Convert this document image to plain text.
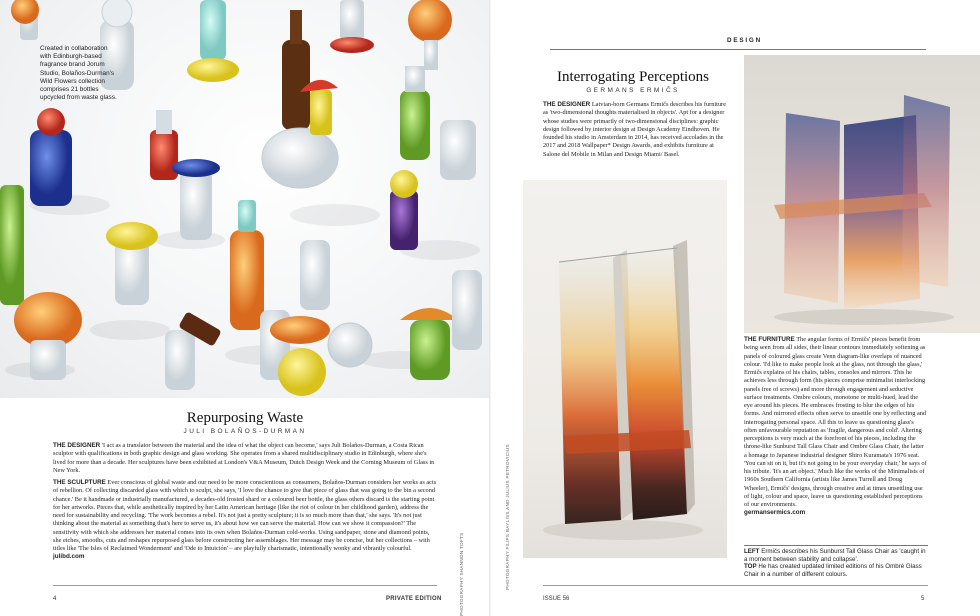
Created in collaboration with Edinburgh-based fragrance brand Jorum Studio, Bolaños-Durman's Wild Flowers collection comprises 21 bottles upcycled from waste glass.
Repurposing Waste
JULI BOLAÑOS-DURMAN

THE DESIGNER 'I act as a translator between the material and the idea of what the object can become,' says Juli Bolaños-Durman, a Costa Rican sculptor with qualifications in both graphic design and glass working. She operates from a shared multidisciplinary studio in Edinburgh, where she's lived for more than a decade. Her sculptures have been exhibited at London's V&A Museum, Dutch Design Week and the Corning Museum of Glass in New York.

THE SCULPTURE Ever conscious of global waste and our need to be more conscientious as consumers, Bolaños-Durman considers her works as acts of rebellion. Of collecting discarded glass with which to sculpt, she says, 'I love the chance to give that piece of glass that was going to the bin a second chance.' Be it handmade or industrially manufactured, a decades-old frosted shard or a coloured beer bottle, the glass others discard is the starting point for her artworks. Pieces that, while aesthetically inspired by her Latin American heritage (like the riot of colour in her childhood garden), address the need for sustainability and recycling. 'The work becomes a rebel. It's not just a pretty sculpture; it is so much more than that,' she says. 'It's not just thinking about the material as something that's here to serve us, it's about how we can serve the material. How can we show it compassion?' The sensitivity with which she addresses her material comes into its own when Bolaños-Durman cold-works. Using sandpaper, stone and diamond points, she etches, smooths, cuts and reshapes repurposed glass before constructing her assemblages. Her message may be concise, but her collections – with titles like 'The Isles of Reclaimed Wonderment' and 'Ode to Intuición' – are playfully charismatic, intentionally wonky and vibrantly colourful.
julibd.com	PHOTOGRAPHY SHANNON TOFTS
4	PRIVATE EDITION
DESIGN
Interrogating Perceptions
GERMANS ERMIČS
THE DESIGNER Latvian-born Germans Ermičs describes his furniture as 'two-dimensional thoughts materialised in objects'. Apt for a designer whose studies were primarily of two-dimensional disciplines: graphic design followed by interior design at Design Academy Eindhoven. He founded his studio in Amsterdam in 2014, has received accolades in the 2017 and 2018 Wallpaper* Design Awards, and exhibits furniture at Salone del Mobile in Milan and Design Miami/ Basel.
PHOTOGRAPHY FILIPS BAYLISS AND JULIUS PETROVICIUS
THE FURNITURE The angular forms of Ermičs' pieces benefit from being seen from all sides, their linear contours immediately softening as panels of coloured glass create Venn diagram-like overlaps of nuanced colour. 'I'd like to make people look at the glass, not through the glass,' Ermičs explains of his chairs, tables, consoles and mirrors. This he achieves less through form (his pieces comprise minimalist interlocking panels free of screws) and more through engagement and seductive surface treatments. Ombre colours, monotone or multi-hued, lead the eye around his pieces. He embraces frosting to blur the edges of his forms. And mirrored effects often serve to unsettle one by reflecting and interrogating personal space. All this to leave us questioning glass's often unfavourable reputation as 'fragile, dangerous and cold'. Altering perceptions is very much at the forefront of his pieces, including the throne-like Sunburst Tall Glass Chair and Ombre Glass Chair, the latter a homage to Japanese industrial designer Shiro Kuramata's 1976 seat. 'You can sit on it, but it's not going to be your everyday chair,' he says of his tribute. 'It's an art object.' Much like the works of the Minimalists of 1960s Southern California (artists like James Turrell and Doug Wheeler), Ermičs' designs, through creative and at times unsettling use of light, colour and space, leave us questioning established perceptions of our environments.
germansermics.com
LEFT Ermičs describes his Sunburst Tall Glass Chair as 'caught in a moment between stability and collapse'.
TOP He has created updated limited editions of his Ombré Glass Chair in a number of different colours.
ISSUE 56	5
